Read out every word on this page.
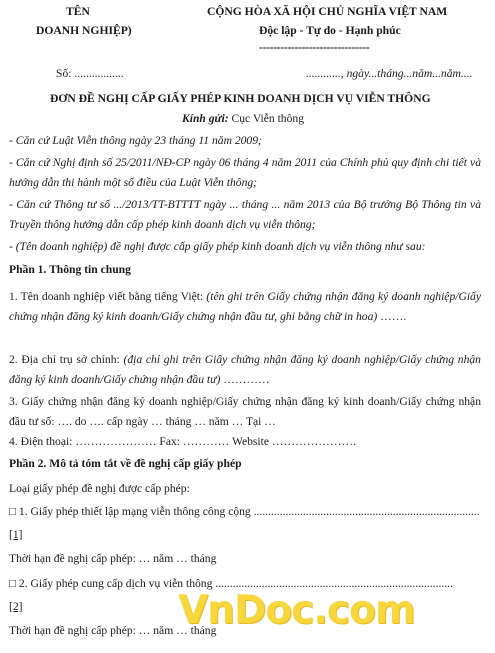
TÊN
DOANH NGHIỆP)
CỘNG HÒA XÃ HỘI CHỦ NGHĨA VIỆT NAM
Độc lập - Tự do - Hạnh phúc
-------------------------------
Số: .................	............, ngày...tháng...năm...năm....
ĐƠN ĐỀ NGHỊ CẤP GIẤY PHÉP KINH DOANH DỊCH VỤ VIỄN THÔNG
Kính gửi: Cục Viễn thông
- Căn cứ Luật Viễn thông ngày 23 tháng 11 năm 2009;
- Căn cứ Nghị định số 25/2011/NĐ-CP ngày 06 tháng 4 năm 2011 của Chính phủ quy định chi tiết và hướng dẫn thi hành một số điều của Luật Viễn thông;
- Căn cứ Thông tư số .../2013/TT-BTTTT ngày ... tháng ... năm 2013 của Bộ trưởng Bộ Thông tin và Truyền thông hướng dẫn cấp phép kinh doanh dịch vụ viễn thông;
- (Tên doanh nghiệp) đề nghị được cấp giấy phép kinh doanh dịch vụ viễn thông như sau:
Phần 1. Thông tin chung
1. Tên doanh nghiệp viết bằng tiếng Việt: (tên ghi trên Giấy chứng nhận đăng ký doanh nghiệp/Giấy chứng nhận đăng ký kinh doanh/Giấy chứng nhận đầu tư, ghi bằng chữ in hoa) …….
2. Địa chỉ trụ sở chính: (địa chỉ ghi trên Giấy chứng nhận đăng ký doanh nghiệp/Giấy chứng nhận đăng ký kinh doanh/Giấy chứng nhận đầu tư) …………
3. Giấy chứng nhận đăng ký doanh nghiệp/Giấy chứng nhận đăng ký kinh doanh/Giấy chứng nhận đầu tư số: …. do …. cấp ngày … tháng … năm … Tại …
4. Điện thoại: ………………… Fax: ………… Website ………………….
Phần 2. Mô tả tóm tắt về đề nghị cấp giấy phép
Loại giấy phép đề nghị được cấp phép:
□ 1. Giấy phép thiết lập mạng viễn thông công cộng ..............................................................................
[1]
Thời hạn đề nghị cấp phép: … năm … tháng
□ 2. Giấy phép cung cấp dịch vụ viễn thông ..................................................................................
[2]
Thời hạn đề nghị cấp phép: … năm … tháng
VnDoc.com
